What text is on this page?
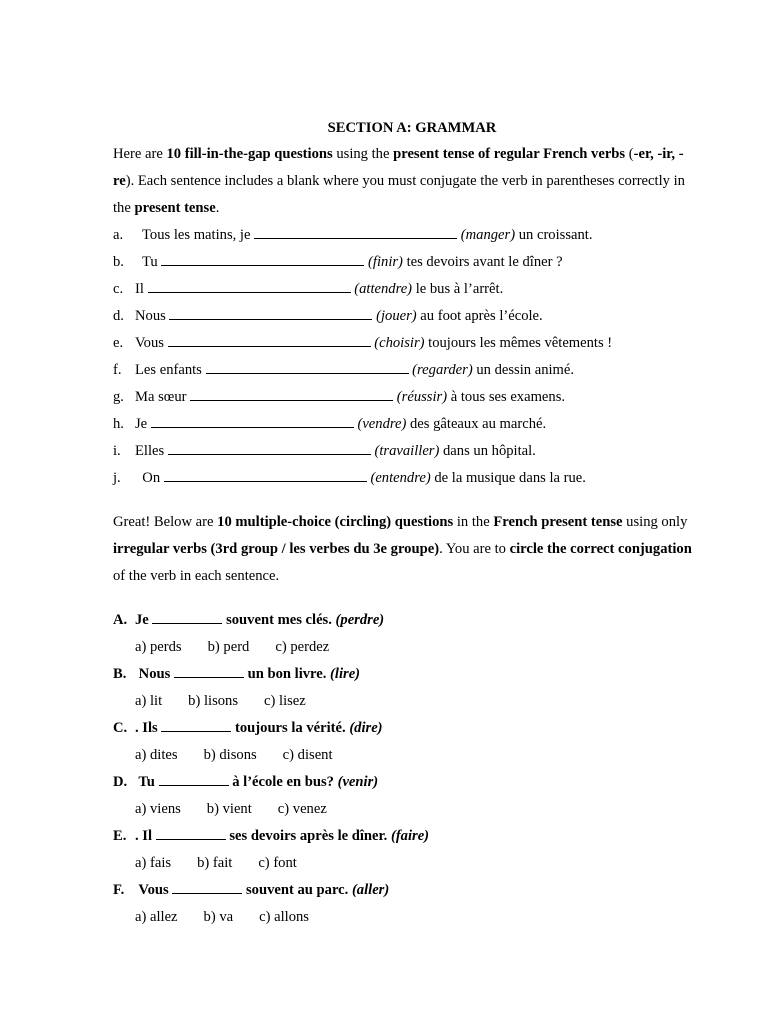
SECTION A: GRAMMAR
Here are 10 fill-in-the-gap questions using the present tense of regular French verbs (-er, -ir, -re). Each sentence includes a blank where you must conjugate the verb in parentheses correctly in the present tense.
a.  Tous les matins, je	(manger) un croissant.
b.  Tu	(finir) tes devoirs avant le dîner ?
c. Il	(attendre) le bus à l’arrêt.
d. Nous	(jouer) au foot après l’école.
e. Vous	(choisir) toujours les mêmes vêtements !
f. Les enfants	(regarder) un dessin animé.
g. Ma sœur	(réussir) à tous ses examens.
h. Je	(vendre) des gâteaux au marché.
i. Elles	(travailler) dans un hôpital.
j.  On	(entendre) de la musique dans la rue.
Great! Below are 10 multiple-choice (circling) questions in the French present tense using only irregular verbs (3rd group / les verbes du 3e groupe). You are to circle the correct conjugation of the verb in each sentence.
A. Je	souvent mes clés. (perdre)
a) perds b) perd c) perdez
B. Nous	un bon livre. (lire)
a) lit b) lisons c) lisez
C. . Ils	toujours la vérité. (dire)
a) dites b) disons c) disent
D. Tu	à l’école en bus? (venir)
a) viens b) vient c) venez
E. . Il	ses devoirs après le dîner. (faire)
a) fais b) fait c) font
F. Vous	souvent au parc. (aller)
a) allez b) va c) allons
